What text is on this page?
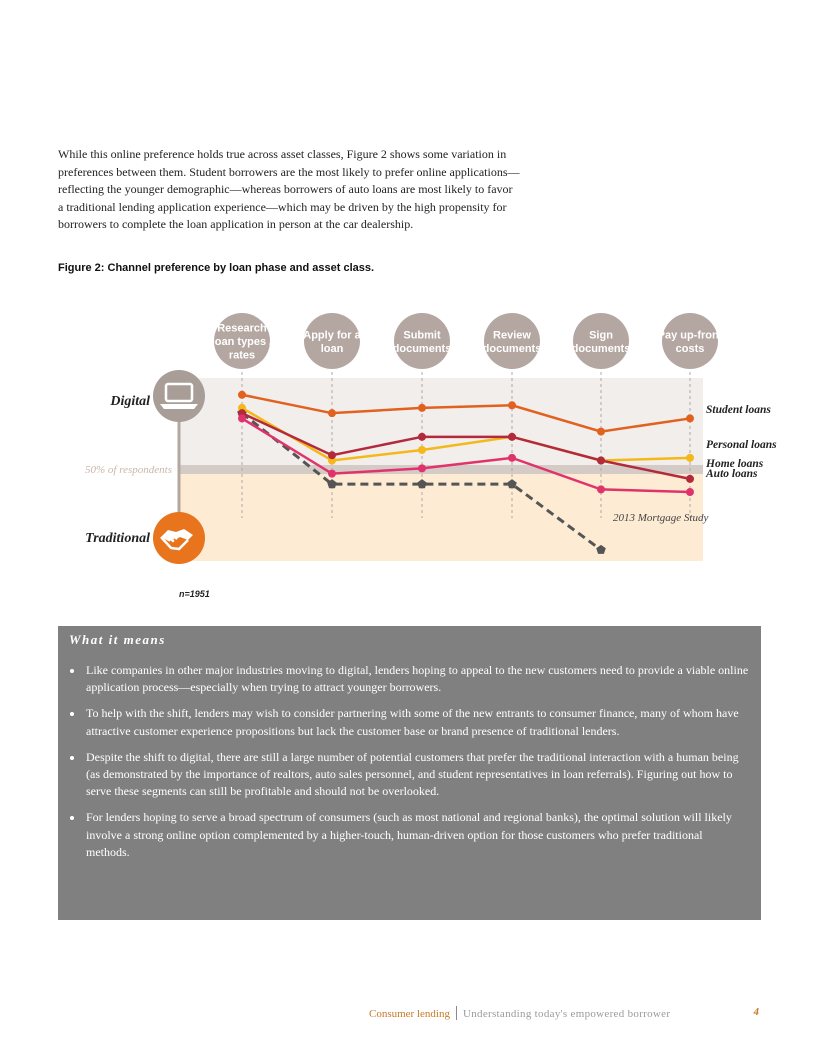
While this online preference holds true across asset classes, Figure 2 shows some variation in preferences between them. Student borrowers are the most likely to prefer online applications—reflecting the younger demographic—whereas borrowers of auto loans are most likely to favor a traditional lending application experience—which may be driven by the high propensity for borrowers to complete the loan application in person at the car dealership.

Figure 2: Channel preference by loan phase and asset class.

50% of respondents
Research
loan types /
rates
Apply for a
loan
Submit
documents
Review
documents
Sign
documents
Pay up-front
costs
Student loans
Personal loans
Home loans
Auto loans
2013 Mortgage Study
Digital
Traditional
n=1951
What it means
Like companies in other major industries moving to digital, lenders hoping to appeal to the new customers need to provide a viable online application process—especially when trying to attract younger borrowers.
To help with the shift, lenders may wish to consider partnering with some of the new entrants to consumer finance, many of whom have attractive customer experience propositions but lack the customer base or brand presence of traditional lenders.
Despite the shift to digital, there are still a large number of potential customers that prefer the traditional interaction with a human being (as demonstrated by the importance of realtors, auto sales personnel, and student representatives in loan referrals). Figuring out how to serve these segments can still be profitable and should not be overlooked.
For lenders hoping to serve a broad spectrum of consumers (such as most national and regional banks), the optimal solution will likely involve a strong online option complemented by a higher-touch, human-driven option for those customers who prefer traditional methods.
Consumer lending Understanding today's empowered borrower	4
